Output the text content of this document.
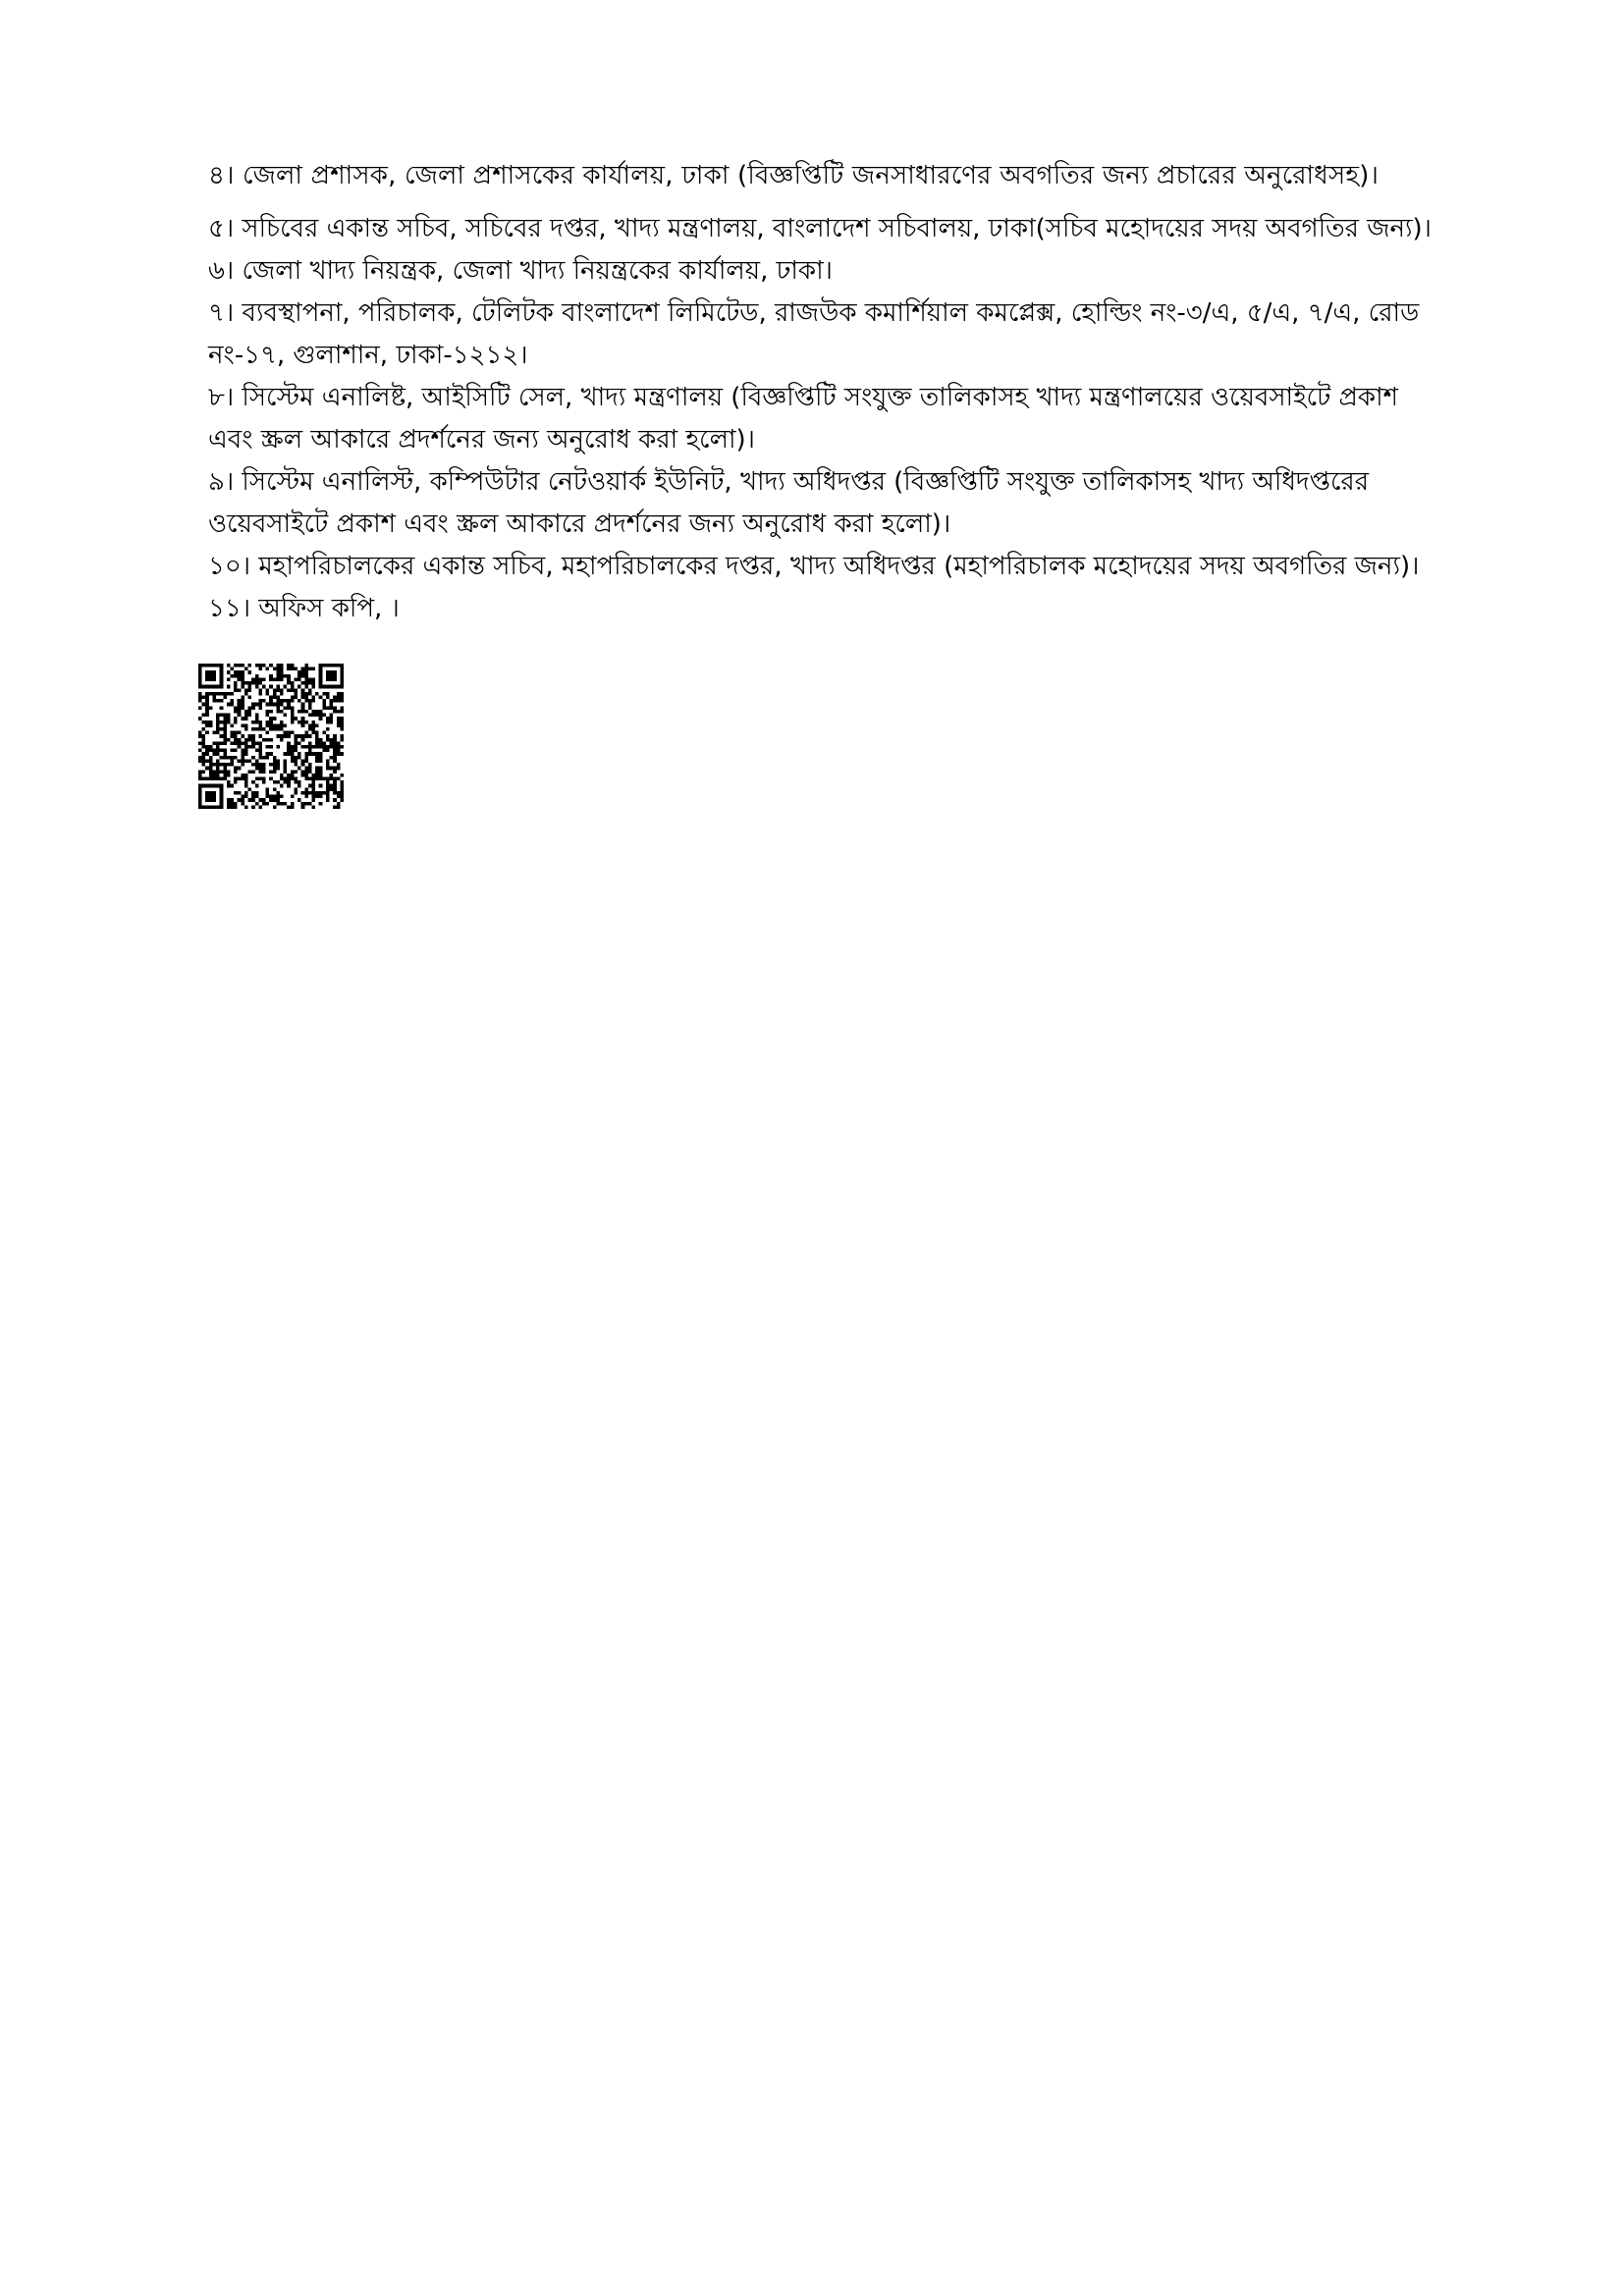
৪। জেলা প্রশাসক, জেলা প্রশাসকের কার্যালয়, ঢাকা (বিজ্ঞপ্তিটি জনসাধারণের অবগতির জন্য প্রচারের অনুরোধসহ)।

৫। সচিবের একান্ত সচিব, সচিবের দপ্তর, খাদ্য মন্ত্রণালয়, বাংলাদেশ সচিবালয়, ঢাকা(সচিব মহোদয়ের সদয় অবগতির জন্য)।

৬। জেলা খাদ্য নিয়ন্ত্রক, জেলা খাদ্য নিয়ন্ত্রকের কার্যালয়, ঢাকা।

৭। ব্যবস্থাপনা, পরিচালক, টেলিটক বাংলাদেশ লিমিটেড, রাজউক কমার্শিয়াল কমপ্লেক্স, হোল্ডিং নং-৩/এ, ৫/এ, ৭/এ, রোড নং-১৭, গুলাশান, ঢাকা-১২১২।

৮। সিস্টেম এনালিষ্ট, আইসিটি সেল, খাদ্য মন্ত্রণালয় (বিজ্ঞপ্তিটি সংযুক্ত তালিকাসহ খাদ্য মন্ত্রণালয়ের ওয়েবসাইটে প্রকাশ এবং স্ক্রল আকারে প্রদর্শনের জন্য অনুরোধ করা হলো)।

৯। সিস্টেম এনালিস্ট, কম্পিউটার নেটওয়ার্ক ইউনিট, খাদ্য অধিদপ্তর (বিজ্ঞপ্তিটি সংযুক্ত তালিকাসহ খাদ্য অধিদপ্তরের ওয়েবসাইটে প্রকাশ এবং স্ক্রল আকারে প্রদর্শনের জন্য অনুরোধ করা হলো)।

১০। মহাপরিচালকের একান্ত সচিব, মহাপরিচালকের দপ্তর, খাদ্য অধিদপ্তর (মহাপরিচালক মহোদয়ের সদয় অবগতির জন্য)।

১১। অফিস কপি, ।
